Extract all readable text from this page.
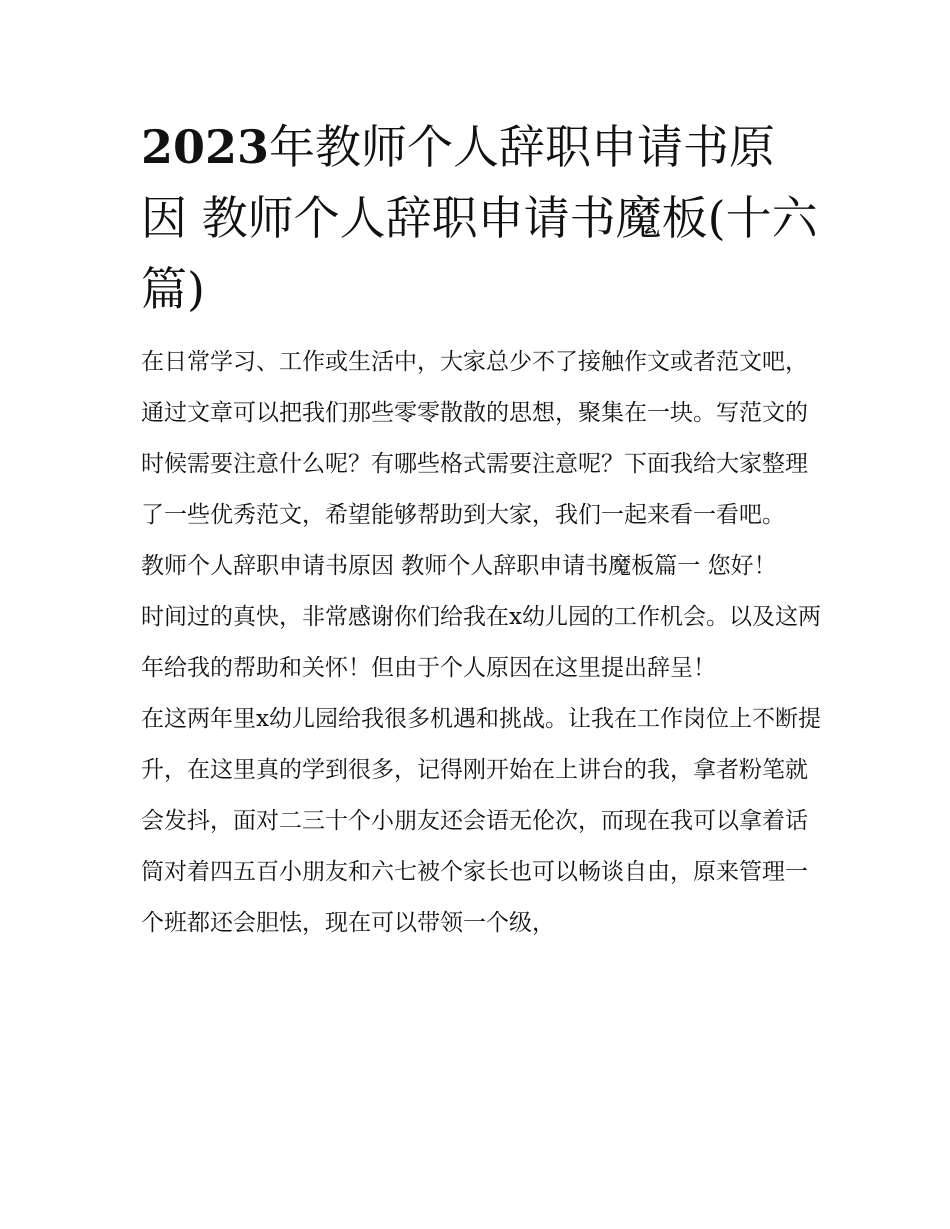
2023年教师个人辞职申请书原因 教师个人辞职申请书魔板(十六篇)

在日常学习、工作或生活中，大家总少不了接触作文或者范文吧，通过文章可以把我们那些零零散散的思想，聚集在一块。写范文的时候需要注意什么呢？有哪些格式需要注意呢？下面我给大家整理了一些优秀范文，希望能够帮助到大家，我们一起来看一看吧。

教师个人辞职申请书原因 教师个人辞职申请书魔板篇一 您好！

时间过的真快，非常感谢你们给我在x幼儿园的工作机会。以及这两年给我的帮助和关怀！但由于个人原因在这里提出辞呈！

在这两年里x幼儿园给我很多机遇和挑战。让我在工作岗位上不断提升，在这里真的学到很多，记得刚开始在上讲台的我，拿者粉笔就会发抖，面对二三十个小朋友还会语无伦次，而现在我可以拿着话筒对着四五百小朋友和六七被个家长也可以畅谈自由，原来管理一个班都还会胆怯，现在可以带领一个级，
